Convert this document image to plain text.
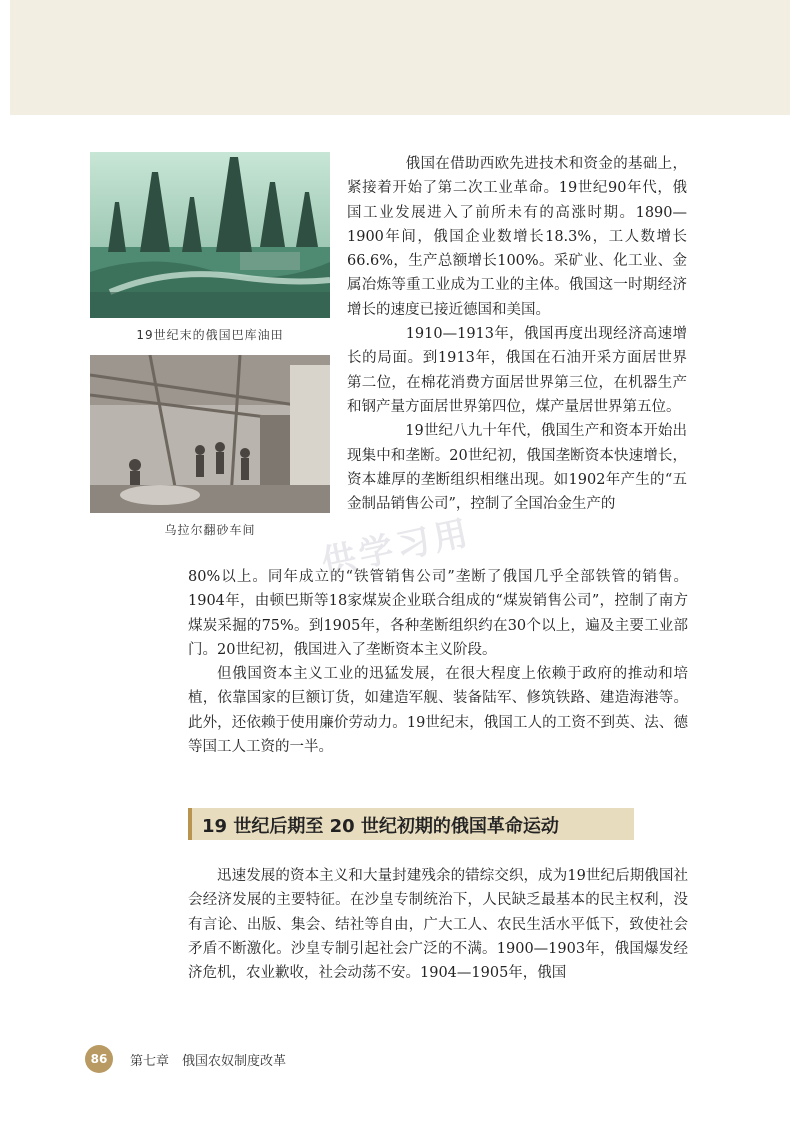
19世纪末的俄国巴库油田
乌拉尔翻砂车间

　　俄国在借助西欧先进技术和资金的基础上，紧接着开始了第二次工业革命。19世纪90年代，俄国工业发展进入了前所未有的高涨时期。1890—1900年间，俄国企业数增长18.3%，工人数增长66.6%，生产总额增长100%。采矿业、化工业、金属冶炼等重工业成为工业的主体。俄国这一时期经济增长的速度已接近德国和美国。

　　1910—1913年，俄国再度出现经济高速增长的局面。到1913年，俄国在石油开采方面居世界第二位，在棉花消费方面居世界第三位，在机器生产和钢产量方面居世界第四位，煤产量居世界第五位。

　　19世纪八九十年代，俄国生产和资本开始出现集中和垄断。20世纪初，俄国垄断资本快速增长，资本雄厚的垄断组织相继出现。如1902年产生的“五金制品销售公司”，控制了全国冶金生产的

80%以上。同年成立的“铁管销售公司”垄断了俄国几乎全部铁管的销售。1904年，由顿巴斯等18家煤炭企业联合组成的“煤炭销售公司”，控制了南方煤炭采掘的75%。到1905年，各种垄断组织约在30个以上，遍及主要工业部门。20世纪初，俄国进入了垄断资本主义阶段。

但俄国资本主义工业的迅猛发展，在很大程度上依赖于政府的推动和培植，依靠国家的巨额订货，如建造军舰、装备陆军、修筑铁路、建造海港等。此外，还依赖于使用廉价劳动力。19世纪末，俄国工人的工资不到英、法、德等国工人工资的一半。

19 世纪后期至 20 世纪初期的俄国革命运动

迅速发展的资本主义和大量封建残余的错综交织，成为19世纪后期俄国社会经济发展的主要特征。在沙皇专制统治下，人民缺乏最基本的民主权利，没有言论、出版、集会、结社等自由，广大工人、农民生活水平低下，致使社会矛盾不断激化。沙皇专制引起社会广泛的不满。1900—1903年，俄国爆发经济危机，农业歉收，社会动荡不安。1904—1905年，俄国

供学习用
86	第七章　俄国农奴制度改革
